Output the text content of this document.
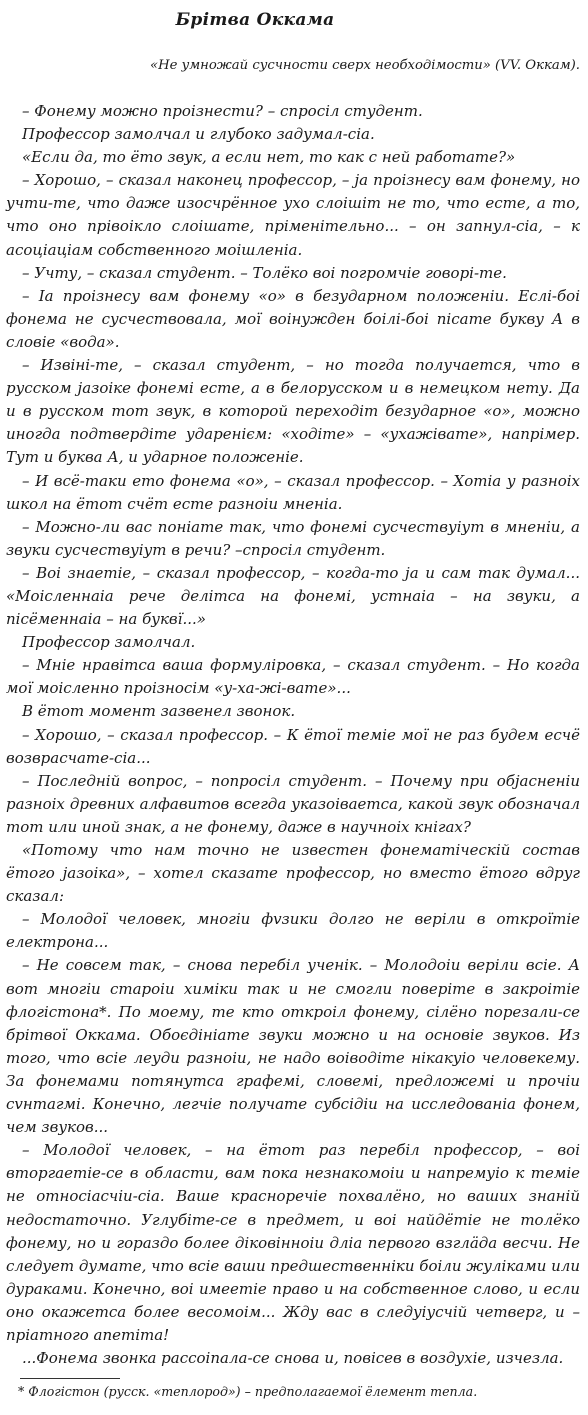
Брітва Оккама
«Не умножай сусчности сверх необходімости» (VV. Оккам).

– Фонему можно проізнести? – спросіл студент.

Профессор замолчал и глубоко задумал-сіа.

«Если да, то ёто звук, а если нет, то как с ней работате?»

– Хорошо, – сказал наконец профессор, – ја проізнесу вам фонему, но учти-те, что даже изосчрённое ухо слоішіт не то, что есте, а то, что оно прівоікло слоішате, пріменітельно... – он запнул-сіа, – к асоціаціам собственного моішленіа.

– Учту, – сказал студент. – Толёко воі погромчіе говорі-те.

– Іа проізнесу вам фонему «о» в безударном положеніи. Еслі-боі фонема не сусчествовала, мої воінужден боілі-боі пісате букву А в словіе «вода».

– Извіні-те, – сказал студент, – но тогда получается, что в русском јазоіке фонемі есте, а в белорусском и в немецком нету. Да и в русском тот звук, в которой переходіт безударное «о», можно иногда подтвердіте ударенієм: «ходіте» – «ухажівате», напрімер. Тут и буква А, и ударное положеніе.

– И всё-таки ето фонема «о», – сказал профессор. – Хотіа у разноіх школ на ётот счёт есте разноіи мненіа.

– Можно-ли вас поніате так, что фонемі сусчествуіут в мненіи, а звуки сусчествуіут в речи? –спросіл студент.

– Воі знаетіе, – сказал профессор, – когда-то ја и сам так думал... «Моісленнаіа рече делітса на фонемі, устнаіа – на звуки, а пісёменнаіа – на буквї...»

Профессор замолчал.

– Мніе нравітса ваша формуліровка, – сказал студент. – Но когда мої моісленно проізносім «у-ха-жі-вате»...

В ётот момент зазвенел звонок.

– Хорошо, – сказал профессор. – К ётої теміе мої не раз будем есчё возврасчате-сіа...

– Последній вопрос, – попросіл студент. – Почему при објасненіи разноіх древних алфавитов всегда указоіваетса, какой звук обозначал тот или иной знак, а не фонему, даже в научноіх кнігах?

«Потому что нам точно не известен фонематіческій состав ётого јазоіка», – хотел сказате профессор, но вместо ётого вдруг сказал:

– Молодої человек, многіи фvзики долго не веріли в откроїтіе електрона...

– Не совсем так, – снова перебіл ученік. – Молодоіи веріли всіе. А вот многіи староіи химіки так и не смогли поверіте в закроітіе флогістона*. По моему, те кто откроіл фонему, сілёно порезали-се брітвої Оккама. Обоєдініате звуки можно и на основіе звуков. Из того, что всіе леуди разноіи, не надо воіводіте нікакуіо человекему. За фонемами потянутса графемі, словемі, предложемі и прочіи сvнтагмі. Конечно, легчіе получате субсідіи на исследованіа фонем, чем звуков...

– Молодої человек, – на ётот раз перебіл профессор, – воі вторгаетіе-се в области, вам пока незнакомоіи и напремуіо к теміе не относіасчіи-сіа. Ваше красноречіе похвалёно, но ваших знаній недостаточно. Углубіте-се в предмет, и воі найдётіе не толёко фонему, но и гораздо более діковінноіи дліа первого взглäда весчи. Не следует думате, что всіе ваши предшественніки боіли жуліками или дураками. Конечно, воі имеетіе право и на собственное слово, и если оно окажетса более весомоім... Жду вас в следуіусчій четверг, и – пріатного апетіта!

...Фонема звонка рассоіпала-се снова и, повісев в воздухіе, изчезла.

* Флогістон (русск. «теплород») – предполагаемої ёлемент тепла.
